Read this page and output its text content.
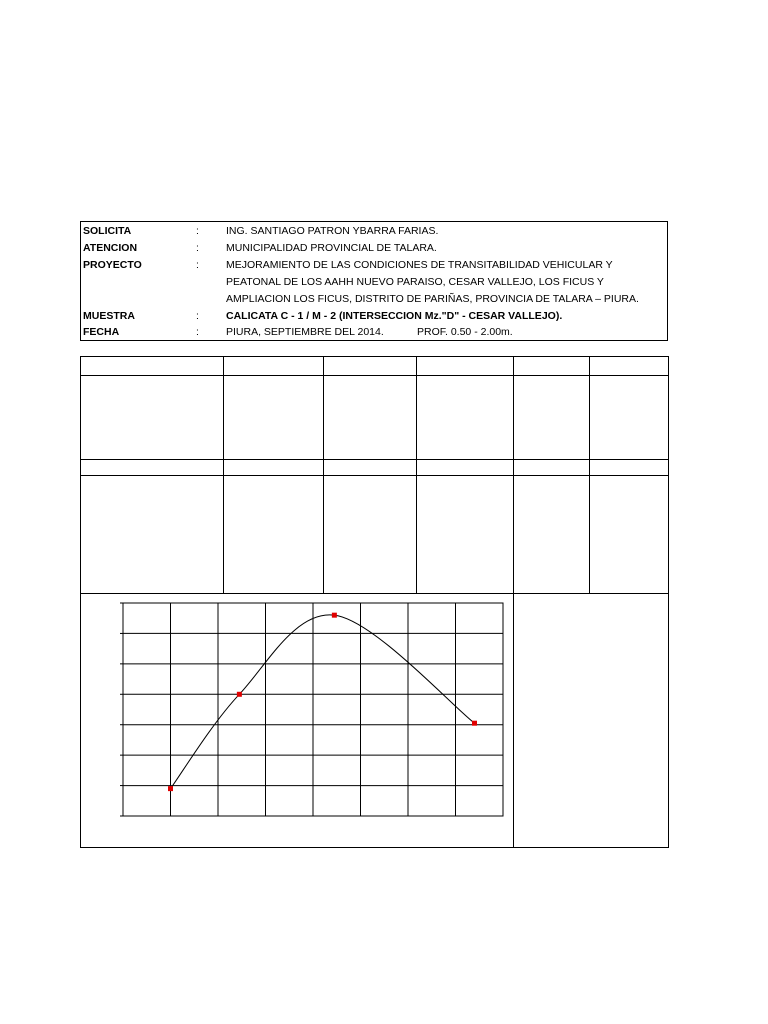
SOLICITA	:	ING. SANTIAGO PATRON YBARRA FARIAS.
ATENCION	:	MUNICIPALIDAD PROVINCIAL DE TALARA.
PROYECTO	:	MEJORAMIENTO DE LAS CONDICIONES DE TRANSITABILIDAD VEHICULAR Y
PEATONAL DE LOS AAHH NUEVO PARAISO, CESAR VALLEJO, LOS FICUS Y
AMPLIACION LOS FICUS, DISTRITO DE PARIÑAS, PROVINCIA DE TALARA – PIURA.
MUESTRA	:	CALICATA C - 1 / M - 2 (INTERSECCION Mz."D" - CESAR VALLEJO).
FECHA	:	PIURA, SEPTIEMBRE DEL 2014.	PROF. 0.50 - 2.00m.
